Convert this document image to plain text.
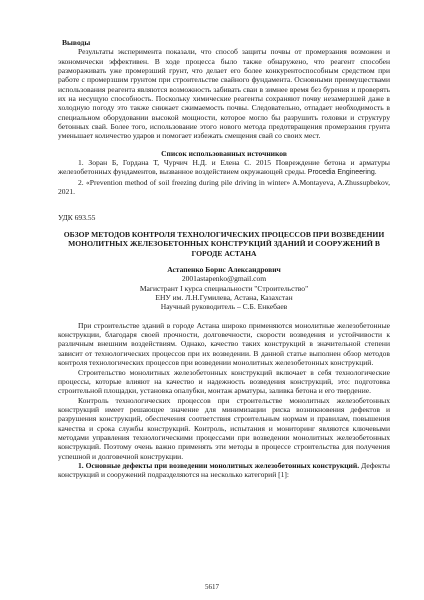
Выводы

Результаты эксперимента показали, что способ защиты почвы от промерзания возможен и экономически эффективен. В ходе процесса было также обнаружено, что реагент способен размораживать уже промерзший грунт, что делает его более конкурентоспособным средством при работе с промерзшим грунтом при строительстве свайного фундамента. Основными преимуществами использования реагента являются возможность забивать сваи в зимнее время без бурения и проверять их на несущую способность. Поскольку химические реагенты сохраняют почву незамерзшей даже в холодную погоду это также снижает сжимаемость почвы. Следовательно, отпадает необходимость в специальном оборудовании высокой мощности, которое могло бы разрушить головки и структуру бетонных свай. Более того, использование этого нового метода предотвращения промерзания грунта уменьшает количество ударов и помогает избежать смещения свай со своих мест.

Список использованных источников

1. Зоран Б, Гордана Т, Чурчич Н.Д. и Елена С. 2015 Повреждение бетона и арматуры железобетонных фундаментов, вызванное воздействием окружающей среды. Procedia Engineering.

2. «Prevention method of soil freezing during pile driving in winter» A.Montayeva, A.Zhussupbekov, 2021.

УДК 693.55
ОБЗОР МЕТОДОВ КОНТРОЛЯ ТЕХНОЛОГИЧЕСКИХ ПРОЦЕССОВ ПРИ ВОЗВЕДЕНИИ МОНОЛИТНЫХ ЖЕЛЕЗОБЕТОННЫХ КОНСТРУКЦИЙ ЗДАНИЙ И СООРУЖЕНИЙ В ГОРОДЕ АСТАНА
Астапенко Борис Александрович
2001astapenko@gmail.com
Магистрант I курса специальности "Строительство"
ЕНУ им. Л.Н.Гумилева, Астана, Казахстан
Научный руководитель – С.Б. Енкебаев

При строительстве зданий в городе Астана широко применяются монолитные железобетонные конструкции, благодаря своей прочности, долговечности, скорости возведения и устойчивости к различным внешним воздействиям. Однако, качество таких конструкций в значительной степени зависит от технологических процессов при их возведении. В данной статье выполнен обзор методов контроля технологических процессов при возведении монолитных железобетонных конструкций.

Строительство монолитных железобетонных конструкций включает в себя технологические процессы, которые влияют на качество и надежность возведения конструкций, это: подготовка строительной площадки, установка опалубки, монтаж арматуры, заливка бетона и его твердение.

Контроль технологических процессов при строительстве монолитных железобетонных конструкций имеет решающее значение для минимизации риска возникновения дефектов и разрушения конструкций, обеспечения соответствия строительным нормам и правилам, повышения качества и срока службы конструкций. Контроль, испытания и мониторинг являются ключевыми методами управления технологическими процессами при возведении монолитных железобетонных конструкций. Поэтому очень важно применять эти методы в процессе строительства для получения успешной и долговечной конструкции.

1. Основные дефекты при возведении монолитных железобетонных конструкций. Дефекты конструкций и сооружений подразделяются на несколько категорий [1]:

5617
